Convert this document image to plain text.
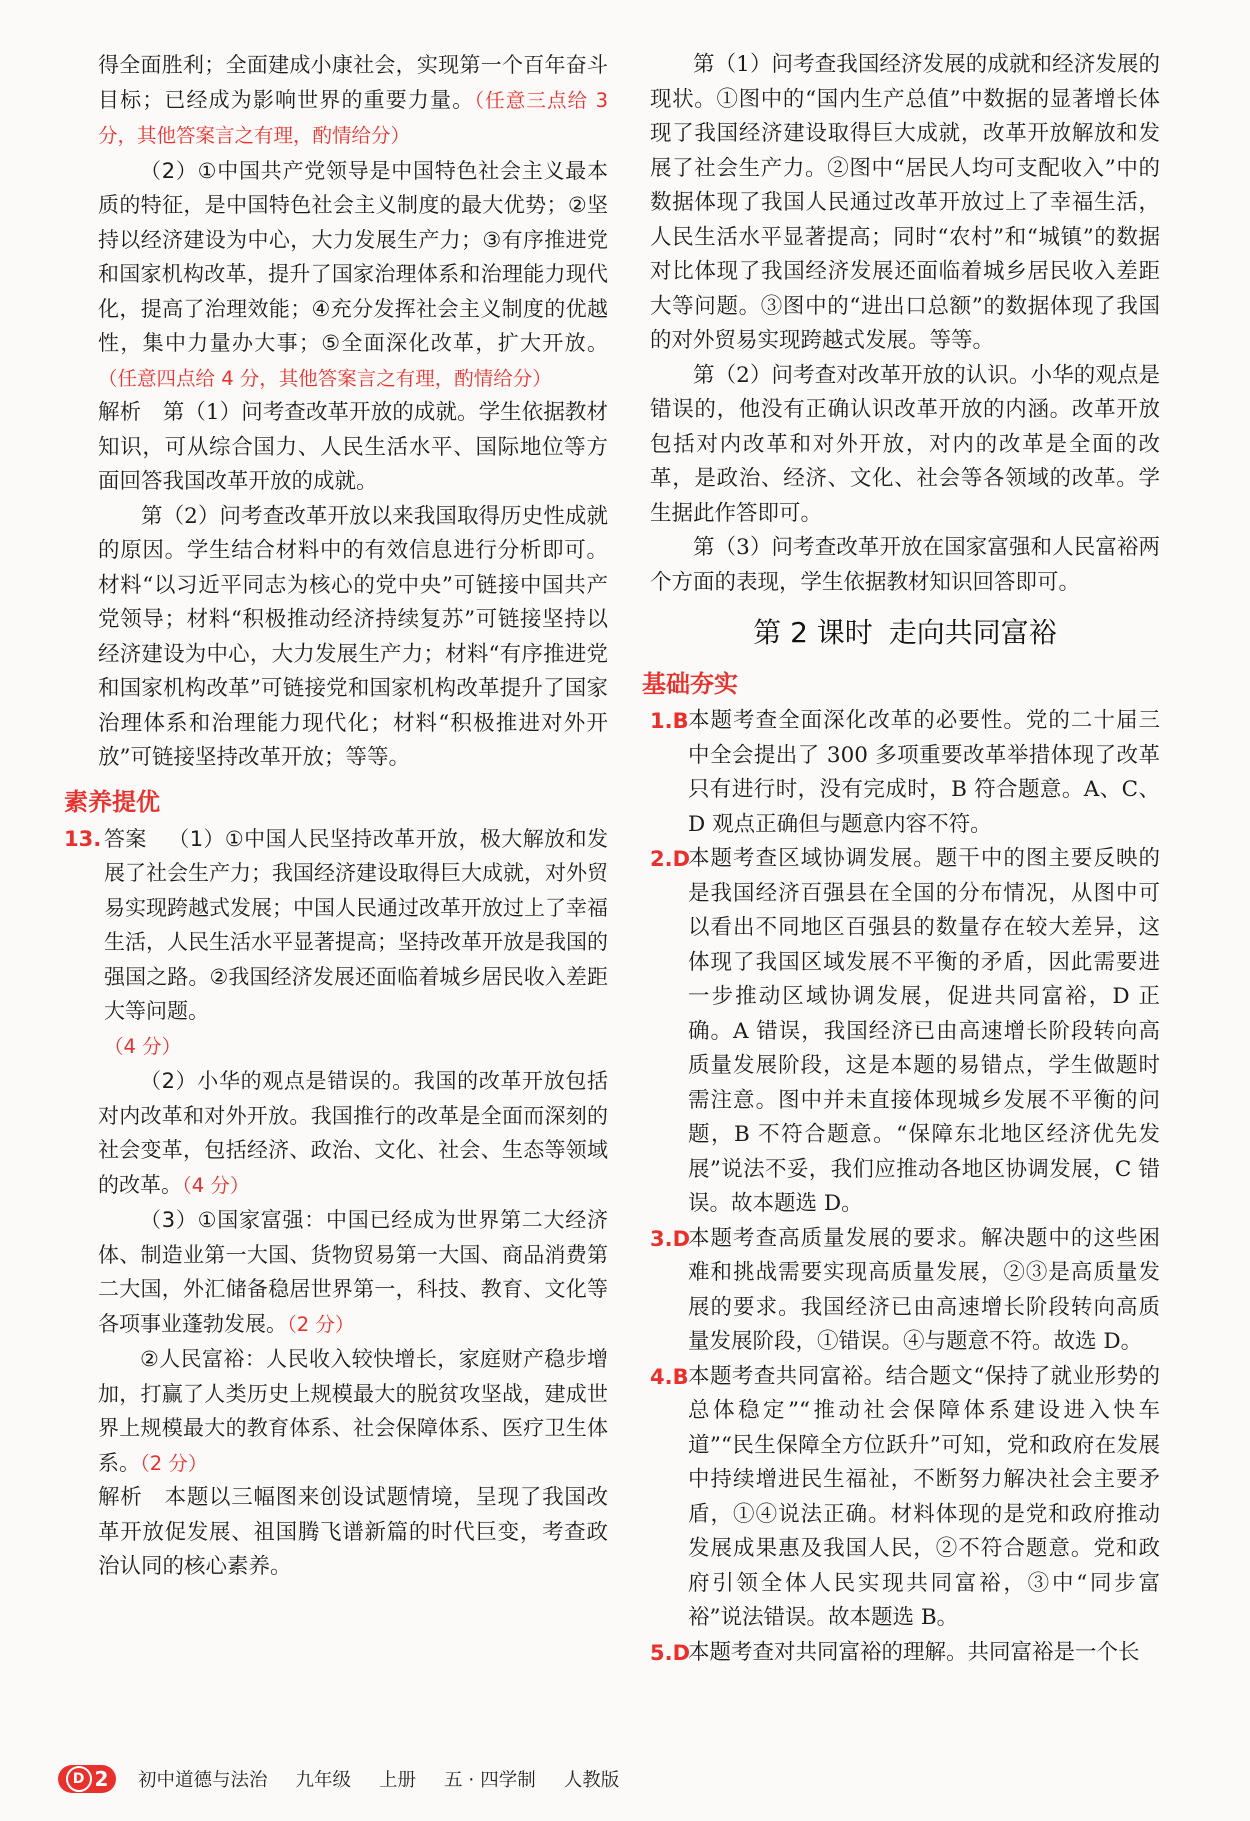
得全面胜利；全面建成小康社会，实现第一个百年奋斗目标；已经成为影响世界的重要力量。（任意三点给 3 分，其他答案言之有理，酌情给分）

（2）①中国共产党领导是中国特色社会主义最本质的特征，是中国特色社会主义制度的最大优势；②坚持以经济建设为中心，大力发展生产力；③有序推进党和国家机构改革，提升了国家治理体系和治理能力现代化，提高了治理效能；④充分发挥社会主义制度的优越性，集中力量办大事；⑤全面深化改革，扩大开放。（任意四点给 4 分，其他答案言之有理，酌情给分）

解析  第（1）问考查改革开放的成就。学生依据教材知识，可从综合国力、人民生活水平、国际地位等方面回答我国改革开放的成就。

第（2）问考查改革开放以来我国取得历史性成就的原因。学生结合材料中的有效信息进行分析即可。材料“以习近平同志为核心的党中央”可链接中国共产党领导；材料“积极推动经济持续复苏”可链接坚持以经济建设为中心，大力发展生产力；材料“有序推进党和国家机构改革”可链接党和国家机构改革提升了国家治理体系和治理能力现代化；材料“积极推进对外开放”可链接坚持改革开放；等等。

素养提优
13. 答案  （1）①中国人民坚持改革开放，极大解放和发展了社会生产力；我国经济建设取得巨大成就，对外贸易实现跨越式发展；中国人民通过改革开放过上了幸福生活，人民生活水平显著提高；坚持改革开放是我国的强国之路。②我国经济发展还面临着城乡居民收入差距大等问题。
（4 分）

（2）小华的观点是错误的。我国的改革开放包括对内改革和对外开放。我国推行的改革是全面而深刻的社会变革，包括经济、政治、文化、社会、生态等领域的改革。（4 分）

（3）①国家富强：中国已经成为世界第二大经济体、制造业第一大国、货物贸易第一大国、商品消费第二大国，外汇储备稳居世界第一，科技、教育、文化等各项事业蓬勃发展。（2 分）

②人民富裕：人民收入较快增长，家庭财产稳步增加，打赢了人类历史上规模最大的脱贫攻坚战，建成世界上规模最大的教育体系、社会保障体系、医疗卫生体系。（2 分）

解析  本题以三幅图来创设试题情境，呈现了我国改革开放促发展、祖国腾飞谱新篇的时代巨变，考查政治认同的核心素养。

第（1）问考查我国经济发展的成就和经济发展的现状。①图中的“国内生产总值”中数据的显著增长体现了我国经济建设取得巨大成就，改革开放解放和发展了社会生产力。②图中“居民人均可支配收入”中的数据体现了我国人民通过改革开放过上了幸福生活，人民生活水平显著提高；同时“农村”和“城镇”的数据对比体现了我国经济发展还面临着城乡居民收入差距大等问题。③图中的“进出口总额”的数据体现了我国的对外贸易实现跨越式发展。等等。

第（2）问考查对改革开放的认识。小华的观点是错误的，他没有正确认识改革开放的内涵。改革开放包括对内改革和对外开放，对内的改革是全面的改革，是政治、经济、文化、社会等各领域的改革。学生据此作答即可。

第（3）问考查改革开放在国家富强和人民富裕两个方面的表现，学生依据教材知识回答即可。

第 2 课时 走向共同富裕
基础夯实
1.B 本题考查全面深化改革的必要性。党的二十届三中全会提出了 300 多项重要改革举措体现了改革只有进行时，没有完成时，B 符合题意。A、C、D 观点正确但与题意内容不符。

2.D

本题考查区域协调发展。题干中的图主要反映的是我国经济百强县在全国的分布情况，从图中可以看出不同地区百强县的数量存在较大差异，这体现了我国区域发展不平衡的矛盾，因此需要进一步推动区域协调发展，促进共同富裕，D 正确。A 错误，我国经济已由高速增长阶段转向高质量发展阶段，这是本题的易错点，学生做题时需注意。图中并未直接体现城乡发展不平衡的问题，B 不符合题意。“保障东北地区经济优先发展”说法不妥，我们应推动各地区协调发展，C 错误。故本题选 D。

3.D

本题考查高质量发展的要求。解决题中的这些困难和挑战需要实现高质量发展，②③是高质量发展的要求。我国经济已由高速增长阶段转向高质量发展阶段，①错误。④与题意不符。故选 D。

4.B 本题考查共同富裕。结合题文“保持了就业形势的总体稳定”“推动社会保障体系建设进入快车道”“民生保障全方位跃升”可知，党和政府在发展中持续增进民生福祉，不断努力解决社会主要矛盾，①④说法正确。材料体现的是党和政府推动发展成果惠及我国人民，②不符合题意。党和政府引领全体人民实现共同富裕，③中“同步富裕”说法错误。故本题选 B。

5.D

本题考查对共同富裕的理解。共同富裕是一个长

D 2 初中道德与法治 九年级 上册 五 · 四学制 人教版
